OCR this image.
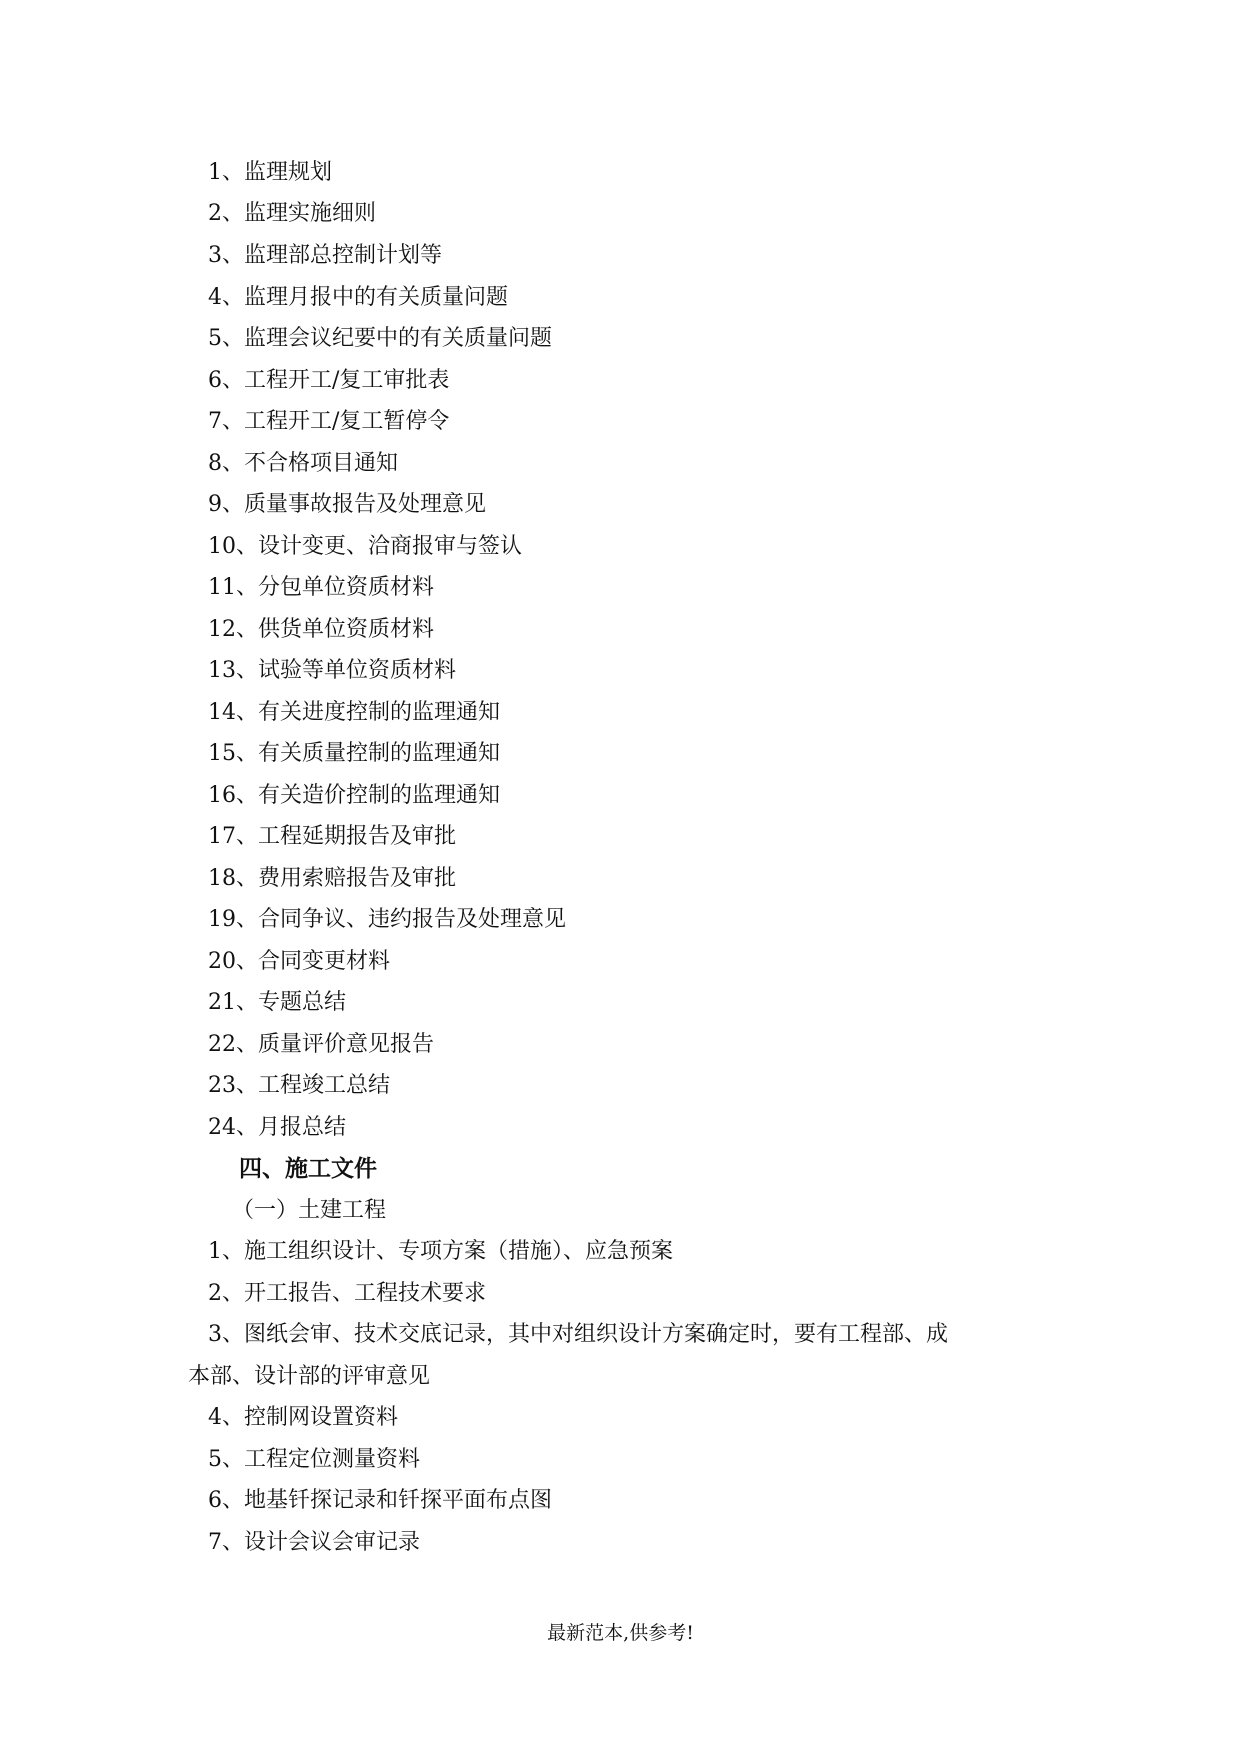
1、监理规划
2、监理实施细则
3、监理部总控制计划等
4、监理月报中的有关质量问题
5、监理会议纪要中的有关质量问题
6、工程开工/复工审批表
7、工程开工/复工暂停令
8、不合格项目通知
9、质量事故报告及处理意见
10、设计变更、洽商报审与签认
11、分包单位资质材料
12、供货单位资质材料
13、试验等单位资质材料
14、有关进度控制的监理通知
15、有关质量控制的监理通知
16、有关造价控制的监理通知
17、工程延期报告及审批
18、费用索赔报告及审批
19、合同争议、违约报告及处理意见
20、合同变更材料
21、专题总结
22、质量评价意见报告
23、工程竣工总结
24、月报总结
四、施工文件
（一）土建工程
1、施工组织设计、专项方案（措施）、应急预案
2、开工报告、工程技术要求
3、图纸会审、技术交底记录，其中对组织设计方案确定时，要有工程部、成
本部、设计部的评审意见
4、控制网设置资料
5、工程定位测量资料
6、地基钎探记录和钎探平面布点图
7、设计会议会审记录
最新范本,供参考!
